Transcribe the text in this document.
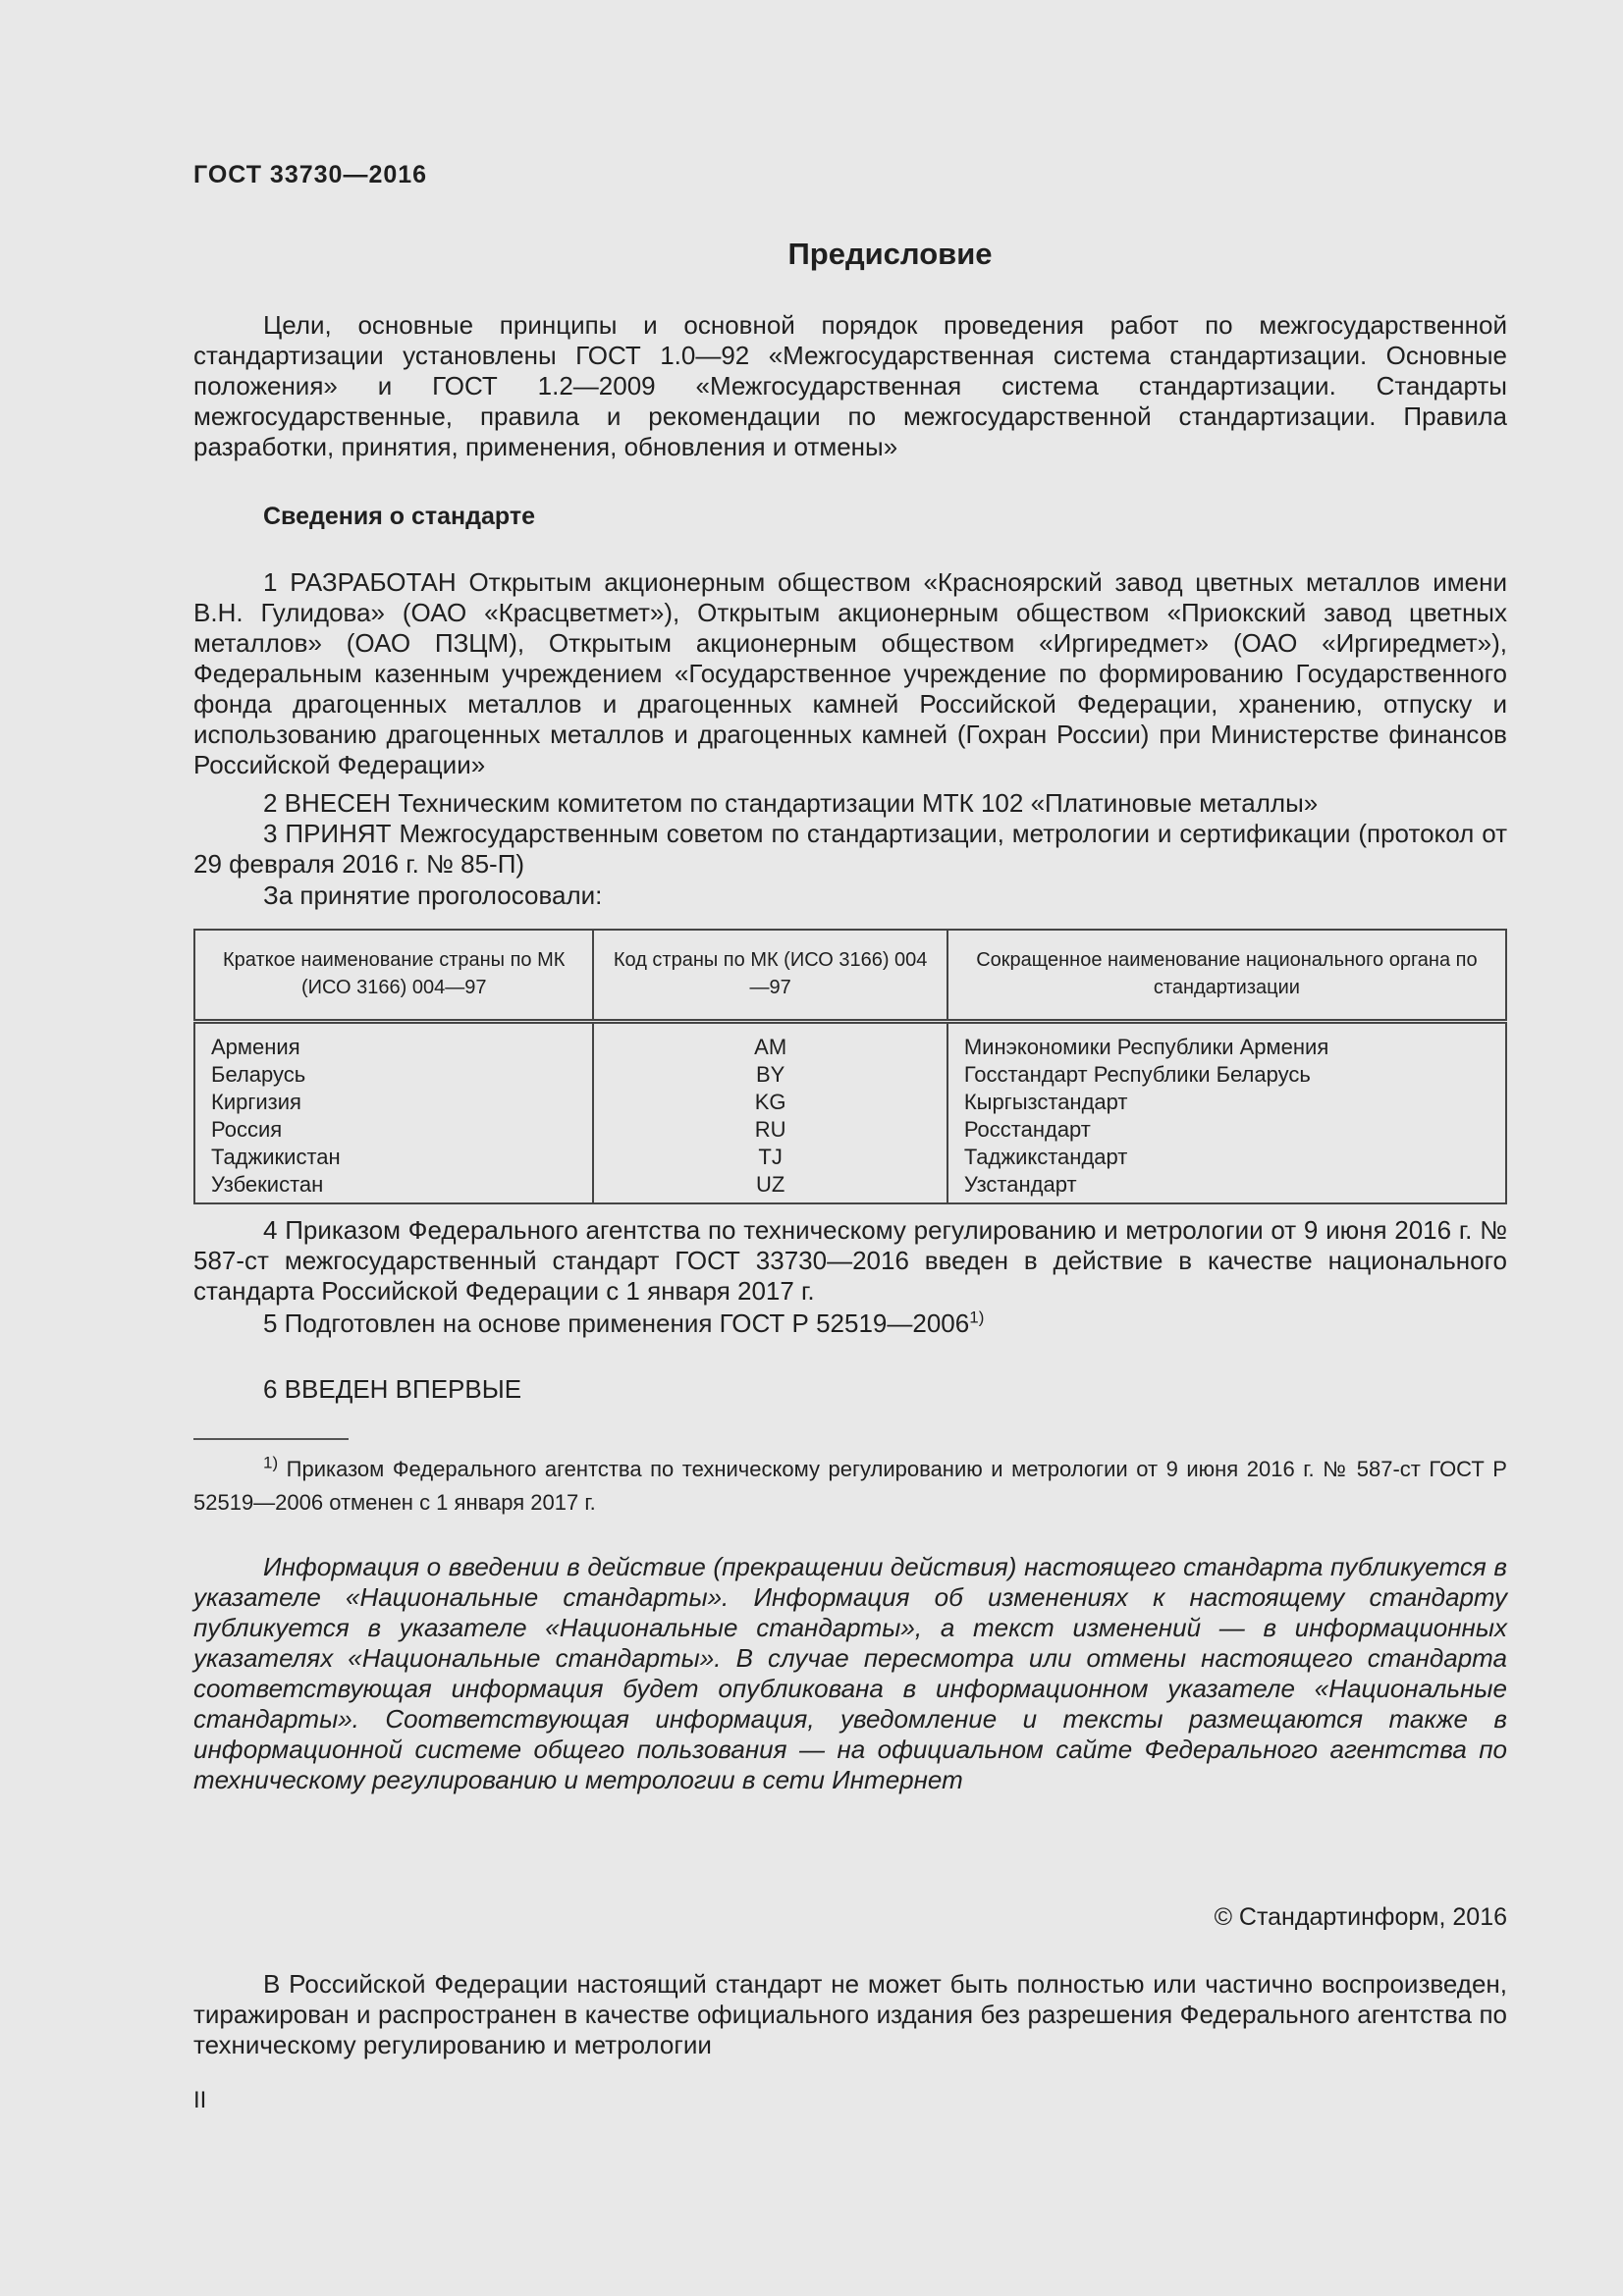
ГОСТ 33730—2016
Предисловие

Цели, основные принципы и основной порядок проведения работ по межгосударственной стандартизации установлены ГОСТ 1.0—92 «Межгосударственная система стандартизации. Основные положения» и ГОСТ 1.2—2009 «Межгосударственная система стандартизации. Стандарты межгосударственные, правила и рекомендации по межгосударственной стандартизации. Правила разработки, принятия, применения, обновления и отмены»

Сведения о стандарте

1 РАЗРАБОТАН Открытым акционерным обществом «Красноярский завод цветных металлов имени В.Н. Гулидова» (ОАО «Красцветмет»), Открытым акционерным обществом «Приокский завод цветных металлов» (ОАО ПЗЦМ), Открытым акционерным обществом «Иргиредмет» (ОАО «Иргиредмет»), Федеральным казенным учреждением «Государственное учреждение по формированию Государственного фонда драгоценных металлов и драгоценных камней Российской Федерации, хранению, отпуску и использованию драгоценных металлов и драгоценных камней (Гохран России) при Министерстве финансов Российской Федерации»

2 ВНЕСЕН Техническим комитетом по стандартизации МТК 102 «Платиновые металлы»

3 ПРИНЯТ Межгосударственным советом по стандартизации, метрологии и сертификации (протокол от 29 февраля 2016 г. № 85-П)

За принятие проголосовали:
Краткое наименование страны по МК (ИСО 3166) 004—97	Код страны по МК (ИСО 3166) 004—97	Сокращенное наименование национального органа по стандартизации
Армения	AM	Минэкономики Республики Армения
Беларусь	BY	Госстандарт Республики Беларусь
Киргизия	KG	Кыргызстандарт
Россия	RU	Росстандарт
Таджикистан	TJ	Таджикстандарт
Узбекистан	UZ	Узстандарт

4 Приказом Федерального агентства по техническому регулированию и метрологии от 9 июня 2016 г. № 587-ст межгосударственный стандарт ГОСТ 33730—2016 введен в действие в качестве национального стандарта Российской Федерации с 1 января 2017 г.

5 Подготовлен на основе применения ГОСТ Р 52519—2006$^{1)}$
6 ВВЕДЕН ВПЕРВЫЕ

$^{1)}$ Приказом Федерального агентства по техническому регулированию и метрологии от 9 июня 2016 г. № 587-ст ГОСТ Р 52519—2006 отменен с 1 января 2017 г.

Информация о введении в действие (прекращении действия) настоящего стандарта публикуется в указателе «Национальные стандарты». Информация об изменениях к настоящему стандарту публикуется в указателе «Национальные стандарты», а текст изменений — в информационных указателях «Национальные стандарты». В случае пересмотра или отмены настоящего стандарта соответствующая информация будет опубликована в информационном указателе «Национальные стандарты». Соответствующая информация, уведомление и тексты размещаются также в информационной системе общего пользования — на официальном сайте Федерального агентства по техническому регулированию и метрологии в сети Интернет

© Стандартинформ, 2016

В Российской Федерации настоящий стандарт не может быть полностью или частично воспроизведен, тиражирован и распространен в качестве официального издания без разрешения Федерального агентства по техническому регулированию и метрологии

II
